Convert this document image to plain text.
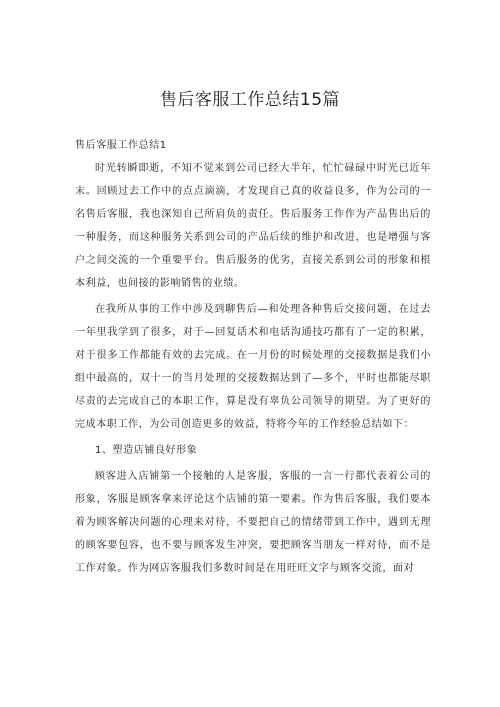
售后客服工作总结15篇

售后客服工作总结1

时光转瞬即逝，不知不觉来到公司已经大半年，忙忙碌碌中时光已近年末。回顾过去工作中的点点滴滴，才发现自己真的收益良多，作为公司的一名售后客服，我也深知自己所肩负的责任。售后服务工作作为产品售出后的一种服务，而这种服务关系到公司的产品后续的维护和改进，也是增强与客户之间交流的一个重要平台。售后服务的优劣，直接关系到公司的形象和根本利益，也间接的影响销售的业绩。

在我所从事的工作中涉及到聊售后—和处理各种售后交接问题，在过去一年里我学到了很多，对于—回复话术和电话沟通技巧都有了一定的积累，对于很多工作都能有效的去完成。在一月份的时候处理的交接数据是我们小组中最高的，双十一的当月处理的交接数据达到了—多个，平时也都能尽职尽责的去完成自己的本职工作，算是没有辜负公司领导的期望。为了更好的完成本职工作，为公司创造更多的效益，特将今年的工作经验总结如下：

1、塑造店铺良好形象

顾客进入店铺第一个接触的人是客服，客服的一言一行都代表着公司的形象，客服是顾客拿来评论这个店铺的第一要素。作为售后客服，我们要本着为顾客解决问题的心理来对待，不要把自己的情绪带到工作中，遇到无理的顾客要包容，也不要与顾客发生冲突，要把顾客当朋友一样对待，而不是工作对象。作为网店客服我们多数时间是在用旺旺文字与顾客交流，面对
